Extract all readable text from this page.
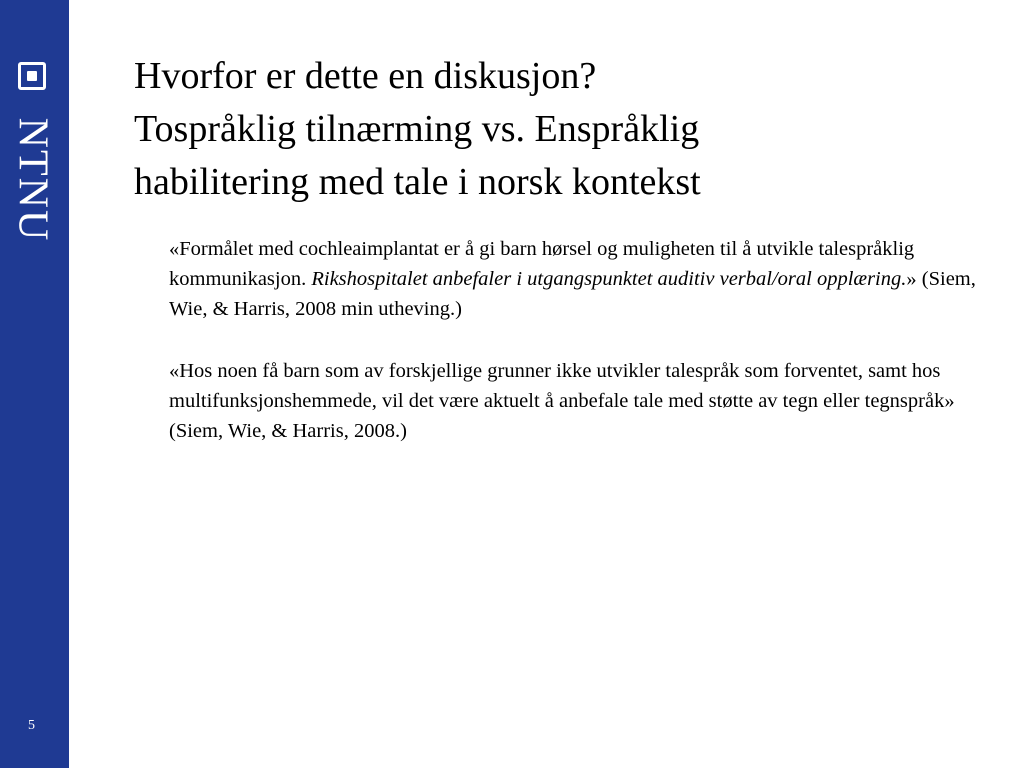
NTNU
5
Hvorfor er dette en diskusjon?
Tospråklig tilnærming vs. Enspråklig
habilitering med tale i norsk kontekst

«Formålet med cochleaimplantat er å gi barn hørsel og muligheten til å utvikle talespråklig kommunikasjon. Rikshospitalet anbefaler i utgangspunktet auditiv verbal/oral opplæring.» (Siem, Wie, & Harris, 2008 min utheving.)

«Hos noen få barn som av forskjellige grunner ikke utvikler talespråk som forventet, samt hos multifunksjonshemmede, vil det være aktuelt å anbefale tale med støtte av tegn eller tegnspråk» (Siem, Wie, & Harris, 2008.)
